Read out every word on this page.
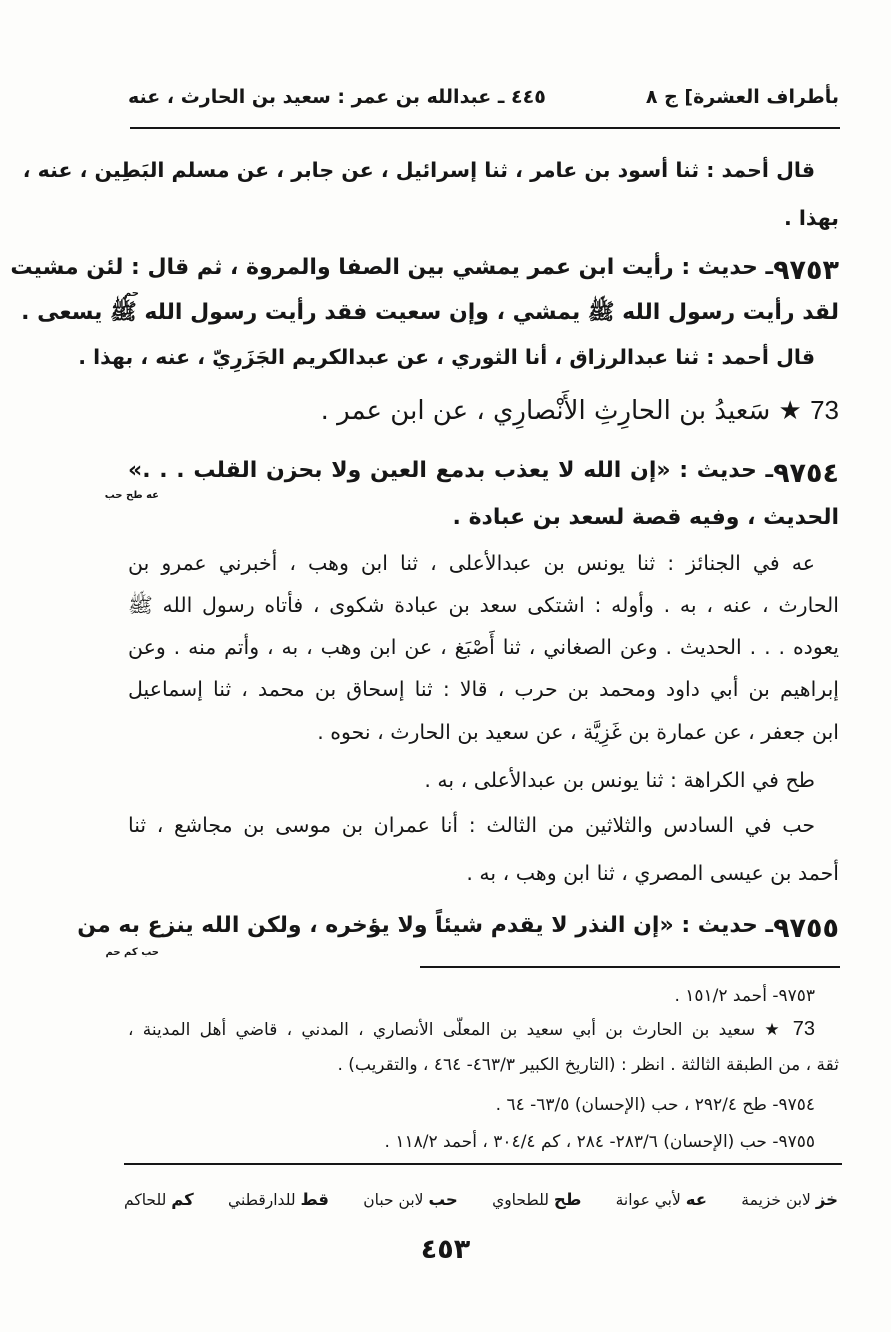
بأطراف العشرة] ج ٨
٤٤٥ ـ عبدالله بن عمر : سعيد بن الحارث ، عنه

قال أحمد : ثنا أسود بن عامر ، ثنا إسرائيل ، عن جابر ، عن مسلم البَطِين ، عنه ،

بهذا .

٩٧٥٣
ـ حديث : رأيت ابن عمر يمشي بين الصفا والمروة ، ثم قال : لئن مشيت
حم

لقد رأيت رسول الله ﷺ يمشي ، وإن سعيت فقد رأيت رسول الله ﷺ يسعى .

قال أحمد : ثنا عبدالرزاق ، أنا الثوري ، عن عبدالكريم الجَزَرِيّ ، عنه ، بهذا .

73 ★ سَعيدُ بن الحارِثِ الأَنْصارِي ، عن ابن عمر .
٩٧٥٤
ـ حديث : «إن الله لا يعذب بدمع العين ولا بحزن القلب . . .»
عه طح حب

الحديث ، وفيه قصة لسعد بن عبادة .

عه في الجنائز : ثنا يونس بن عبدالأعلى ، ثنا ابن وهب ، أخبرني عمرو بن

الحارث ، عنه ، به . وأوله : اشتكى سعد بن عبادة شكوى ، فأتاه رسول الله ﷺ

يعوده . . . الحديث . وعن الصغاني ، ثنا أَصْبَغ ، عن ابن وهب ، به ، وأتم منه . وعن

إبراهيم بن أبي داود ومحمد بن حرب ، قالا : ثنا إسحاق بن محمد ، ثنا إسماعيل

ابن جعفر ، عن عمارة بن غَزِيَّة ، عن سعيد بن الحارث ، نحوه .

طح في الكراهة : ثنا يونس بن عبدالأعلى ، به .

حب في السادس والثلاثين من الثالث : أنا عمران بن موسى بن مجاشع ، ثنا

أحمد بن عيسى المصري ، ثنا ابن وهب ، به .

٩٧٥٥
ـ حديث : «إن النذر لا يقدم شيئاً ولا يؤخره ، ولكن الله ينزع به من
حب كم حم

٩٧٥٣- أحمد ١٥١/٢ .

73 ★ سعيد بن الحارث بن أبي سعيد بن المعلّى الأنصاري ، المدني ، قاضي أهل المدينة ،

ثقة ، من الطبقة الثالثة . انظر : (التاريخ الكبير ٤٦٣/٣- ٤٦٤ ، والتقريب) .

٩٧٥٤- طح ٢٩٢/٤ ، حب (الإحسان) ٦٣/٥- ٦٤ .

٩٧٥٥- حب (الإحسان) ٢٨٣/٦- ٢٨٤ ، كم ٣٠٤/٤ ، أحمد ١١٨/٢ .

خز لابن خزيمة
عه لأبي عوانة
طح للطحاوي
حب لابن حبان
قط للدارقطني
كم للحاكم
٤٥٣
